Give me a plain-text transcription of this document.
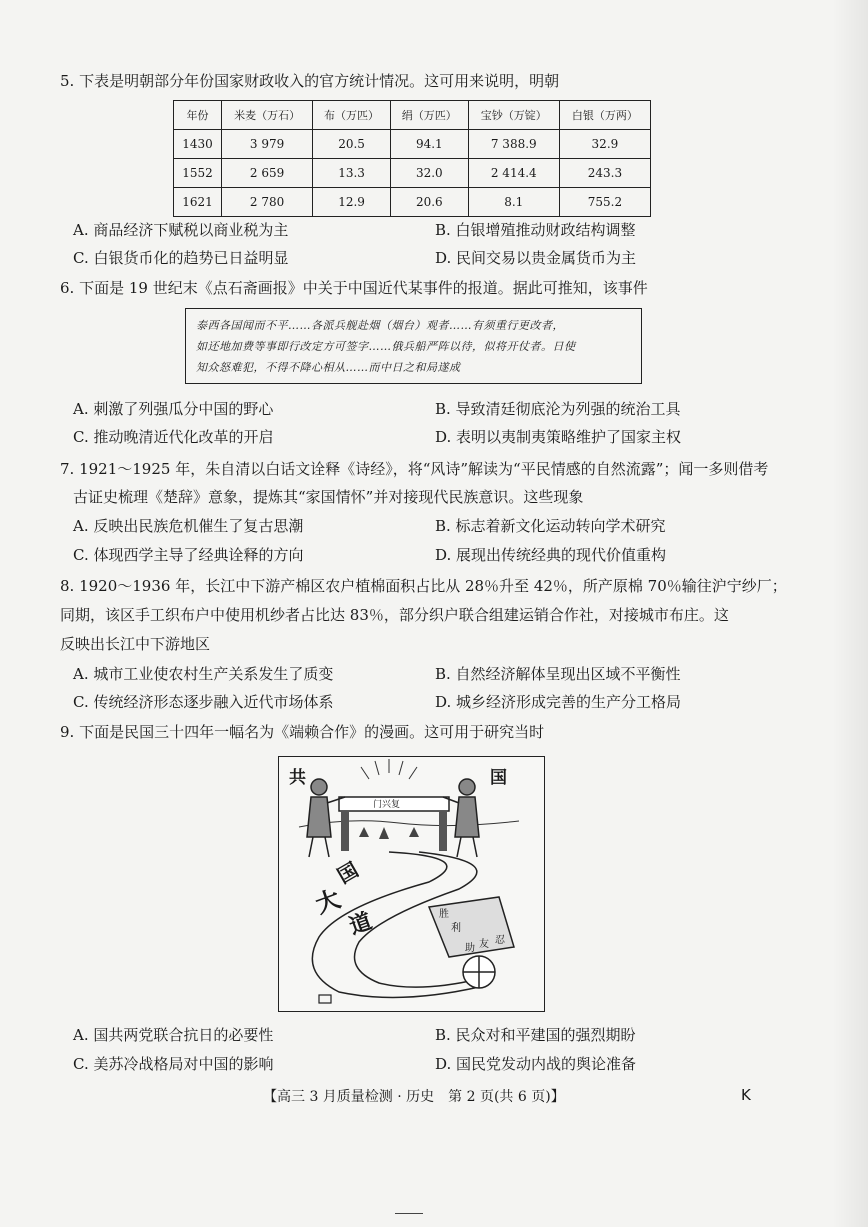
5. 下表是明朝部分年份国家财政收入的官方统计情况。这可用来说明，明朝
年份	米麦（万石）	布（万匹）	绢（万匹）	宝钞（万锭）	白银（万两）
1430	3 979	20.5	94.1	7 388.9	32.9
1552	2 659	13.3	32.0	2 414.4	243.3
1621	2 780	12.9	20.6	8.1	755.2
A. 商品经济下赋税以商业税为主	B. 白银增殖推动财政结构调整
C. 白银货币化的趋势已日益明显	D. 民间交易以贵金属货币为主
6. 下面是 19 世纪末《点石斋画报》中关于中国近代某事件的报道。据此可推知，该事件
泰西各国闻而不平……各派兵舰赴烟（烟台）观者……有须重行更改者，
如还地加费等事即行改定方可签字……俄兵船严阵以待，似将开仗者。日使
知众怒难犯，不得不降心相从……而中日之和局遂成
A. 刺激了列强瓜分中国的野心	B. 导致清廷彻底沦为列强的统治工具
C. 推动晚清近代化改革的开启	D. 表明以夷制夷策略维护了国家主权
7. 1921～1925 年，朱自清以白话文诠释《诗经》，将“风诗”解读为“平民情感的自然流露”；闻一多则借考
古证史梳理《楚辞》意象，提炼其“家国情怀”并对接现代民族意识。这些现象
A. 反映出民族危机催生了复古思潮	B. 标志着新文化运动转向学术研究
C. 体现西学主导了经典诠释的方向	D. 展现出传统经典的现代价值重构
8. 1920～1936 年，长江中下游产棉区农户植棉面积占比从 28％升至 42％，所产原棉 70％输往沪宁纱厂；
同期，该区手工织布户中使用机纱者占比达 83％，部分织户联合组建运销合作社，对接城市布庄。这
反映出长江中下游地区
A. 城市工业使农村生产关系发生了质变	B. 自然经济解体呈现出区域不平衡性
C. 传统经济形态逐步融入近代市场体系	D. 城乡经济形成完善的生产分工格局
9. 下面是民国三十四年一幅名为《端赖合作》的漫画。这可用于研究当时
共	国
门兴复
大
国
道	胜
利
助 友 忍
A. 国共两党联合抗日的必要性	B. 民众对和平建国的强烈期盼
C. 美苏冷战格局对中国的影响	D. 国民党发动内战的舆论准备
【高三 3 月质量检测 · 历史　第 2 页(共 6 页)】	K
